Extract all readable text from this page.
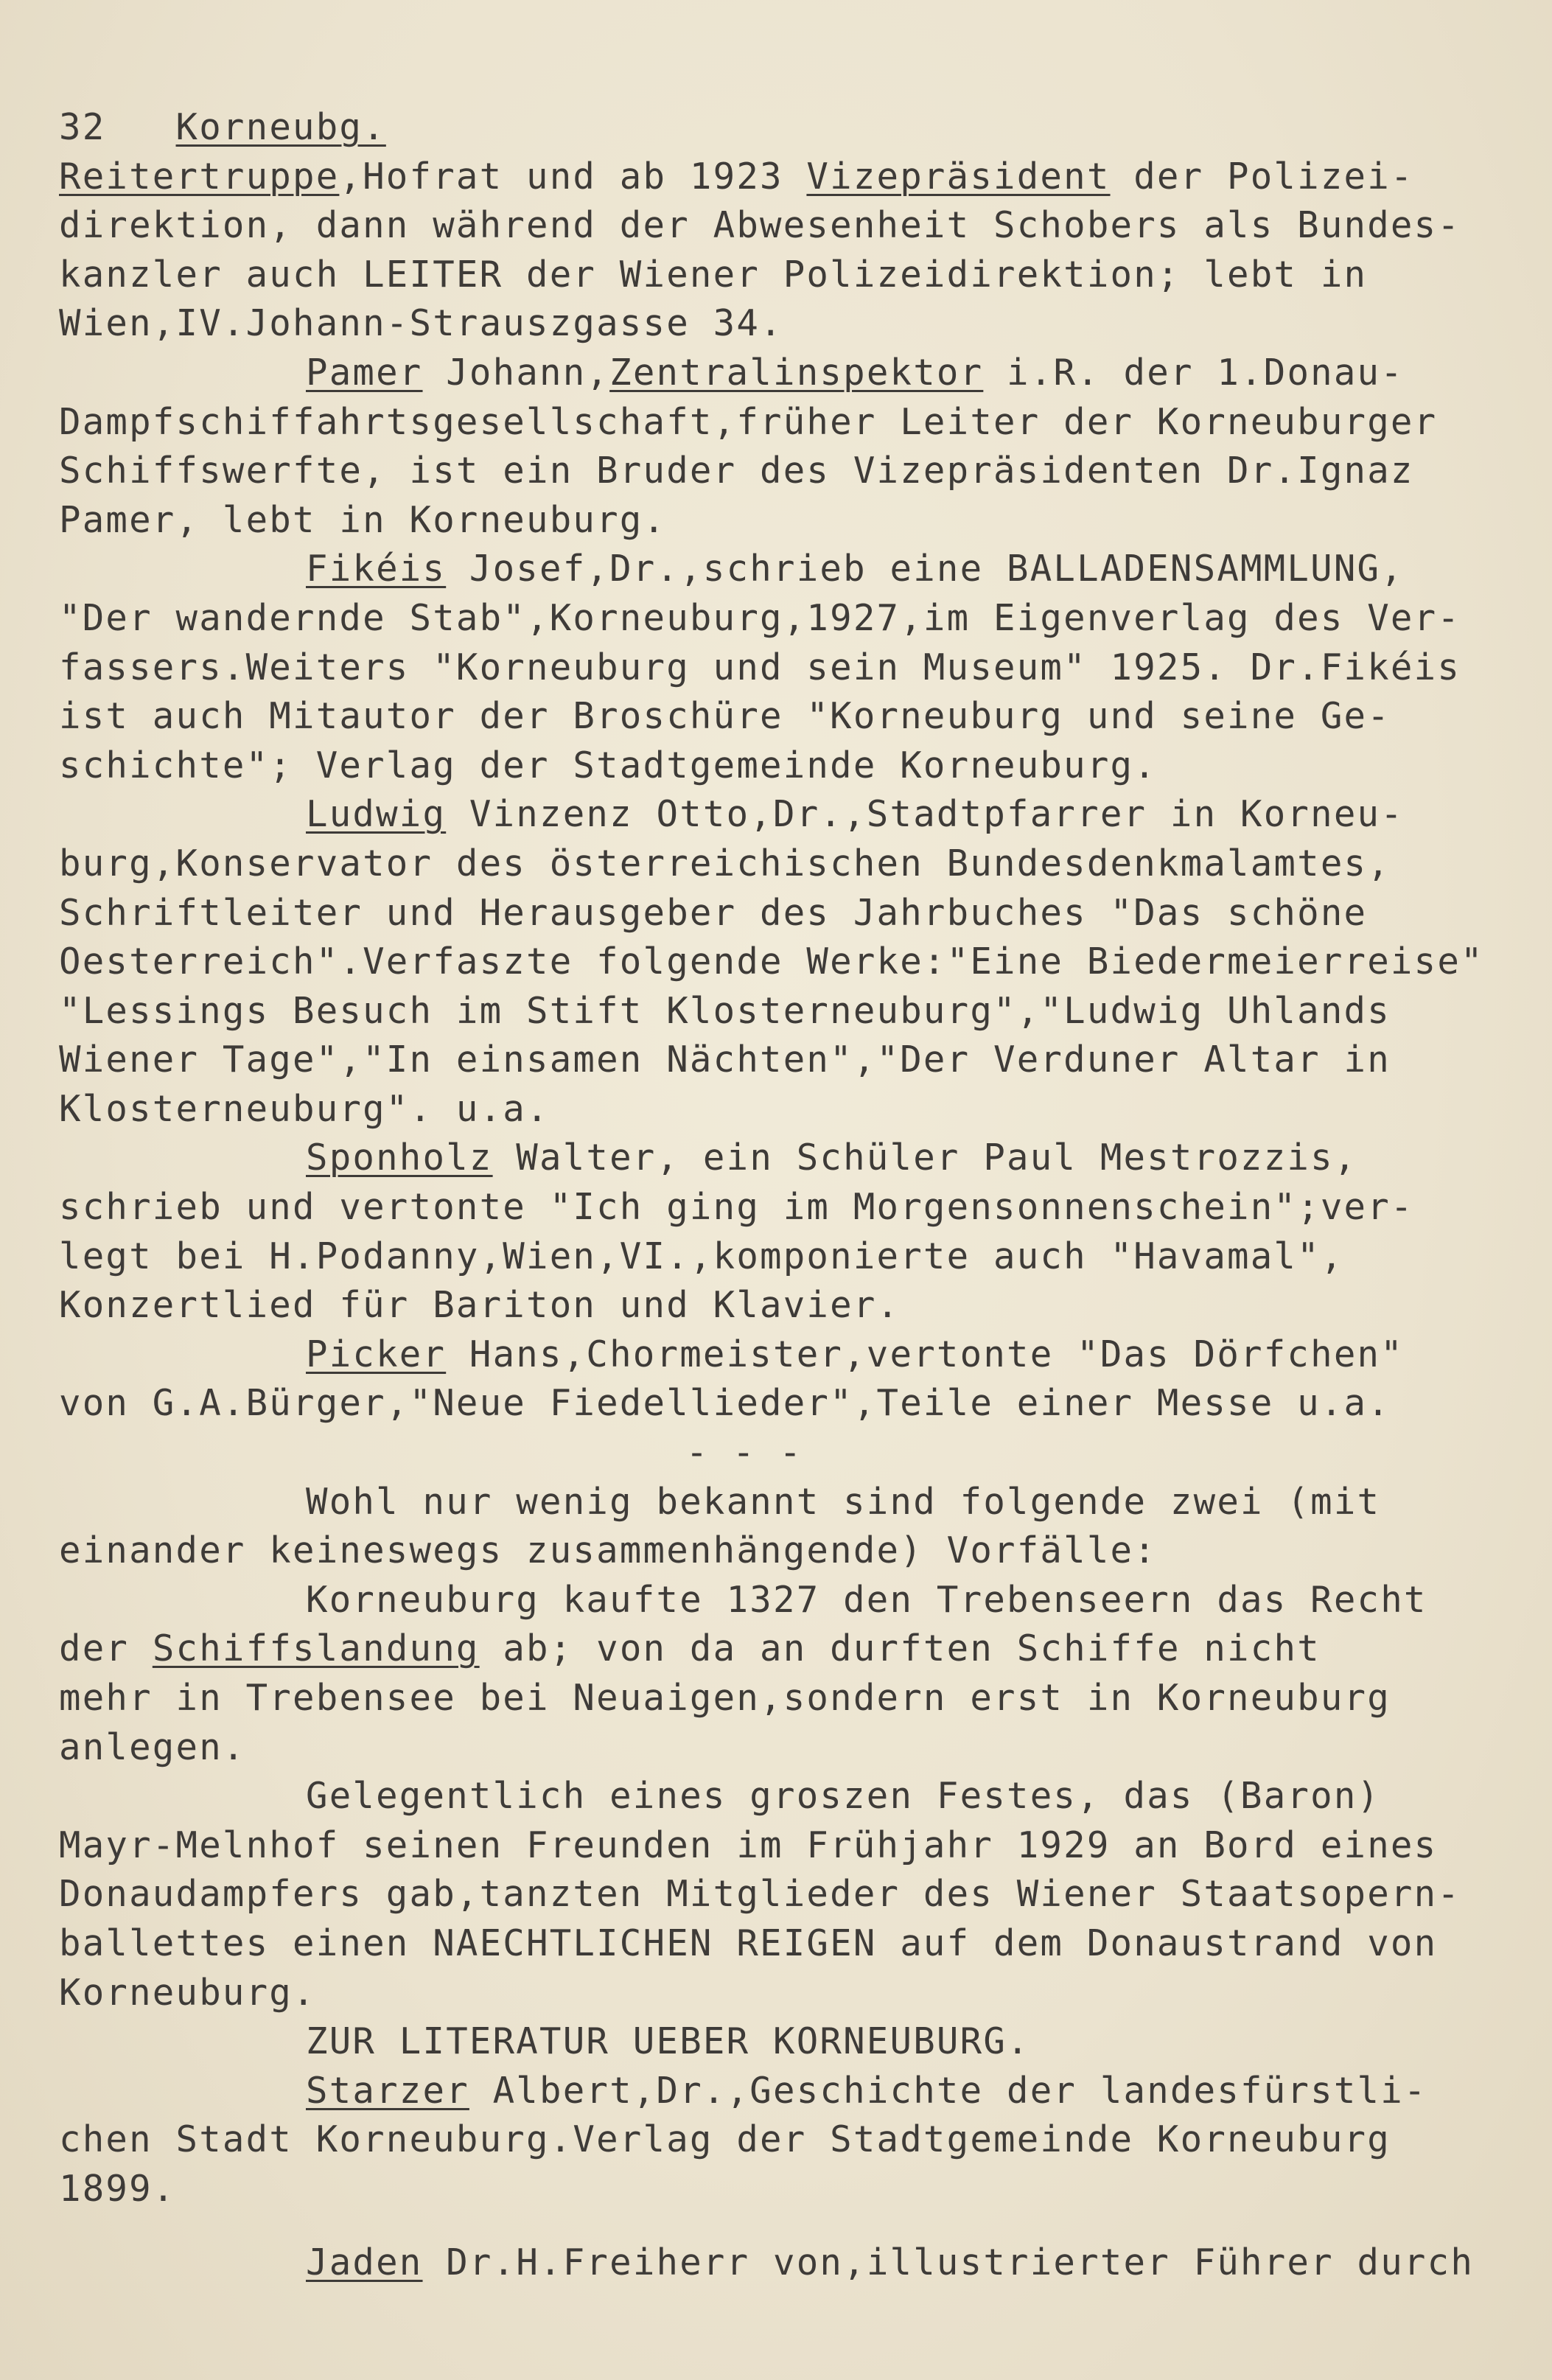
32 Korneubg.
Reitertruppe,Hofrat und ab 1923 Vizepräsident der Polizei-
direktion, dann während der Abwesenheit Schobers als Bundes-
kanzler auch LEITER der Wiener Polizeidirektion; lebt in
Wien,IV.Johann-Strauszgasse 34.
Pamer Johann,Zentralinspektor i.R. der 1.Donau-
Dampfschiffahrtsgesellschaft,früher Leiter der Korneuburger
Schiffswerfte, ist ein Bruder des Vizepräsidenten Dr.Ignaz
Pamer, lebt in Korneuburg.
Fikéis Josef,Dr.,schrieb eine BALLADENSAMMLUNG,
"Der wandernde Stab",Korneuburg,1927,im Eigenverlag des Ver-
fassers.Weiters "Korneuburg und sein Museum" 1925. Dr.Fikéis
ist auch Mitautor der Broschüre "Korneuburg und seine Ge-
schichte"; Verlag der Stadtgemeinde Korneuburg.
Ludwig Vinzenz Otto,Dr.,Stadtpfarrer in Korneu-
burg,Konservator des österreichischen Bundesdenkmalamtes,
Schriftleiter und Herausgeber des Jahrbuches "Das schöne
Oesterreich".Verfaszte folgende Werke:"Eine Biedermeierreise"
"Lessings Besuch im Stift Klosterneuburg","Ludwig Uhlands
Wiener Tage","In einsamen Nächten","Der Verduner Altar in
Klosterneuburg". u.a.
Sponholz Walter, ein Schüler Paul Mestrozzis,
schrieb und vertonte "Ich ging im Morgensonnenschein";ver-
legt bei H.Podanny,Wien,VI.,komponierte auch "Havamal",
Konzertlied für Bariton und Klavier.
Picker Hans,Chormeister,vertonte "Das Dörfchen"
von G.A.Bürger,"Neue Fiedellieder",Teile einer Messe u.a.
- - -
Wohl nur wenig bekannt sind folgende zwei (mit
einander keineswegs zusammenhängende) Vorfälle:
Korneuburg kaufte 1327 den Trebenseern das Recht
der Schiffslandung ab; von da an durften Schiffe nicht
mehr in Trebensee bei Neuaigen,sondern erst in Korneuburg
anlegen.
Gelegentlich eines groszen Festes, das (Baron)
Mayr-Melnhof seinen Freunden im Frühjahr 1929 an Bord eines
Donaudampfers gab,tanzten Mitglieder des Wiener Staatsopern-
ballettes einen NAECHTLICHEN REIGEN auf dem Donaustrand von
Korneuburg.
ZUR LITERATUR UEBER KORNEUBURG.
Starzer Albert,Dr.,Geschichte der landesfürstli-
chen Stadt Korneuburg.Verlag der Stadtgemeinde Korneuburg
1899.
Jaden Dr.H.Freiherr von,illustrierter Führer durch
